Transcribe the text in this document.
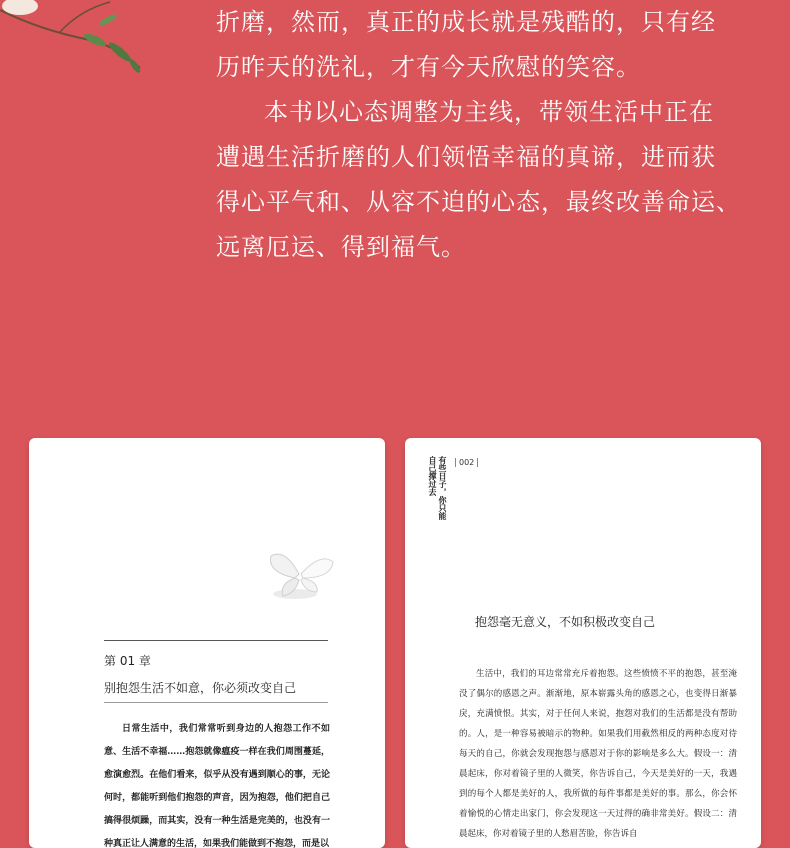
折磨，然而，真正的成长就是残酷的，只有经
历昨天的洗礼，才有今天欣慰的笑容。
本书以心态调整为主线，带领生活中正在
遭遇生活折磨的人们领悟幸福的真谛，进而获
得心平气和、从容不迫的心态，最终改善命运、
远离厄运、得到福气。
第 01 章
别抱怨生活不如意，你必须改变自己
日常生活中，我们常常听到身边的人抱怨工作不如意、生活不幸福……抱怨就像瘟疫一样在我们周围蔓延，愈演愈烈。在他们看来，似乎从没有遇到顺心的事，无论何时，都能听到他们抱怨的声音，因为抱怨，他们把自己搞得很烦躁，而其实，没有一种生活是完美的，也没有一种真正让人满意的生活，如果我们能做到不抱怨，而是以
有些日子，你只能自己撑过去	002
抱怨毫无意义，不如积极改变自己
生活中，我们的耳边常常充斥着抱怨。这些愤愤不平的抱怨，甚至淹没了偶尔的感恩之声。渐渐地，原本崭露头角的感恩之心，也变得日渐暴戾，充满愤恨。其实，对于任何人来说，抱怨对我们的生活都是没有帮助的。人，是一种容易被暗示的物种。如果我们用截然相反的两种态度对待每天的自己，你就会发现抱怨与感恩对于你的影响是多么大。假设一：清晨起床，你对着镜子里的人微笑，你告诉自己，今天是美好的一天，我遇到的每个人都是美好的人，我所做的每件事都是美好的事。那么，你会怀着愉悦的心情走出家门，你会发现这一天过得的确非常美好。假设二：清晨起床，你对着镜子里的人愁眉苦脸，你告诉自
